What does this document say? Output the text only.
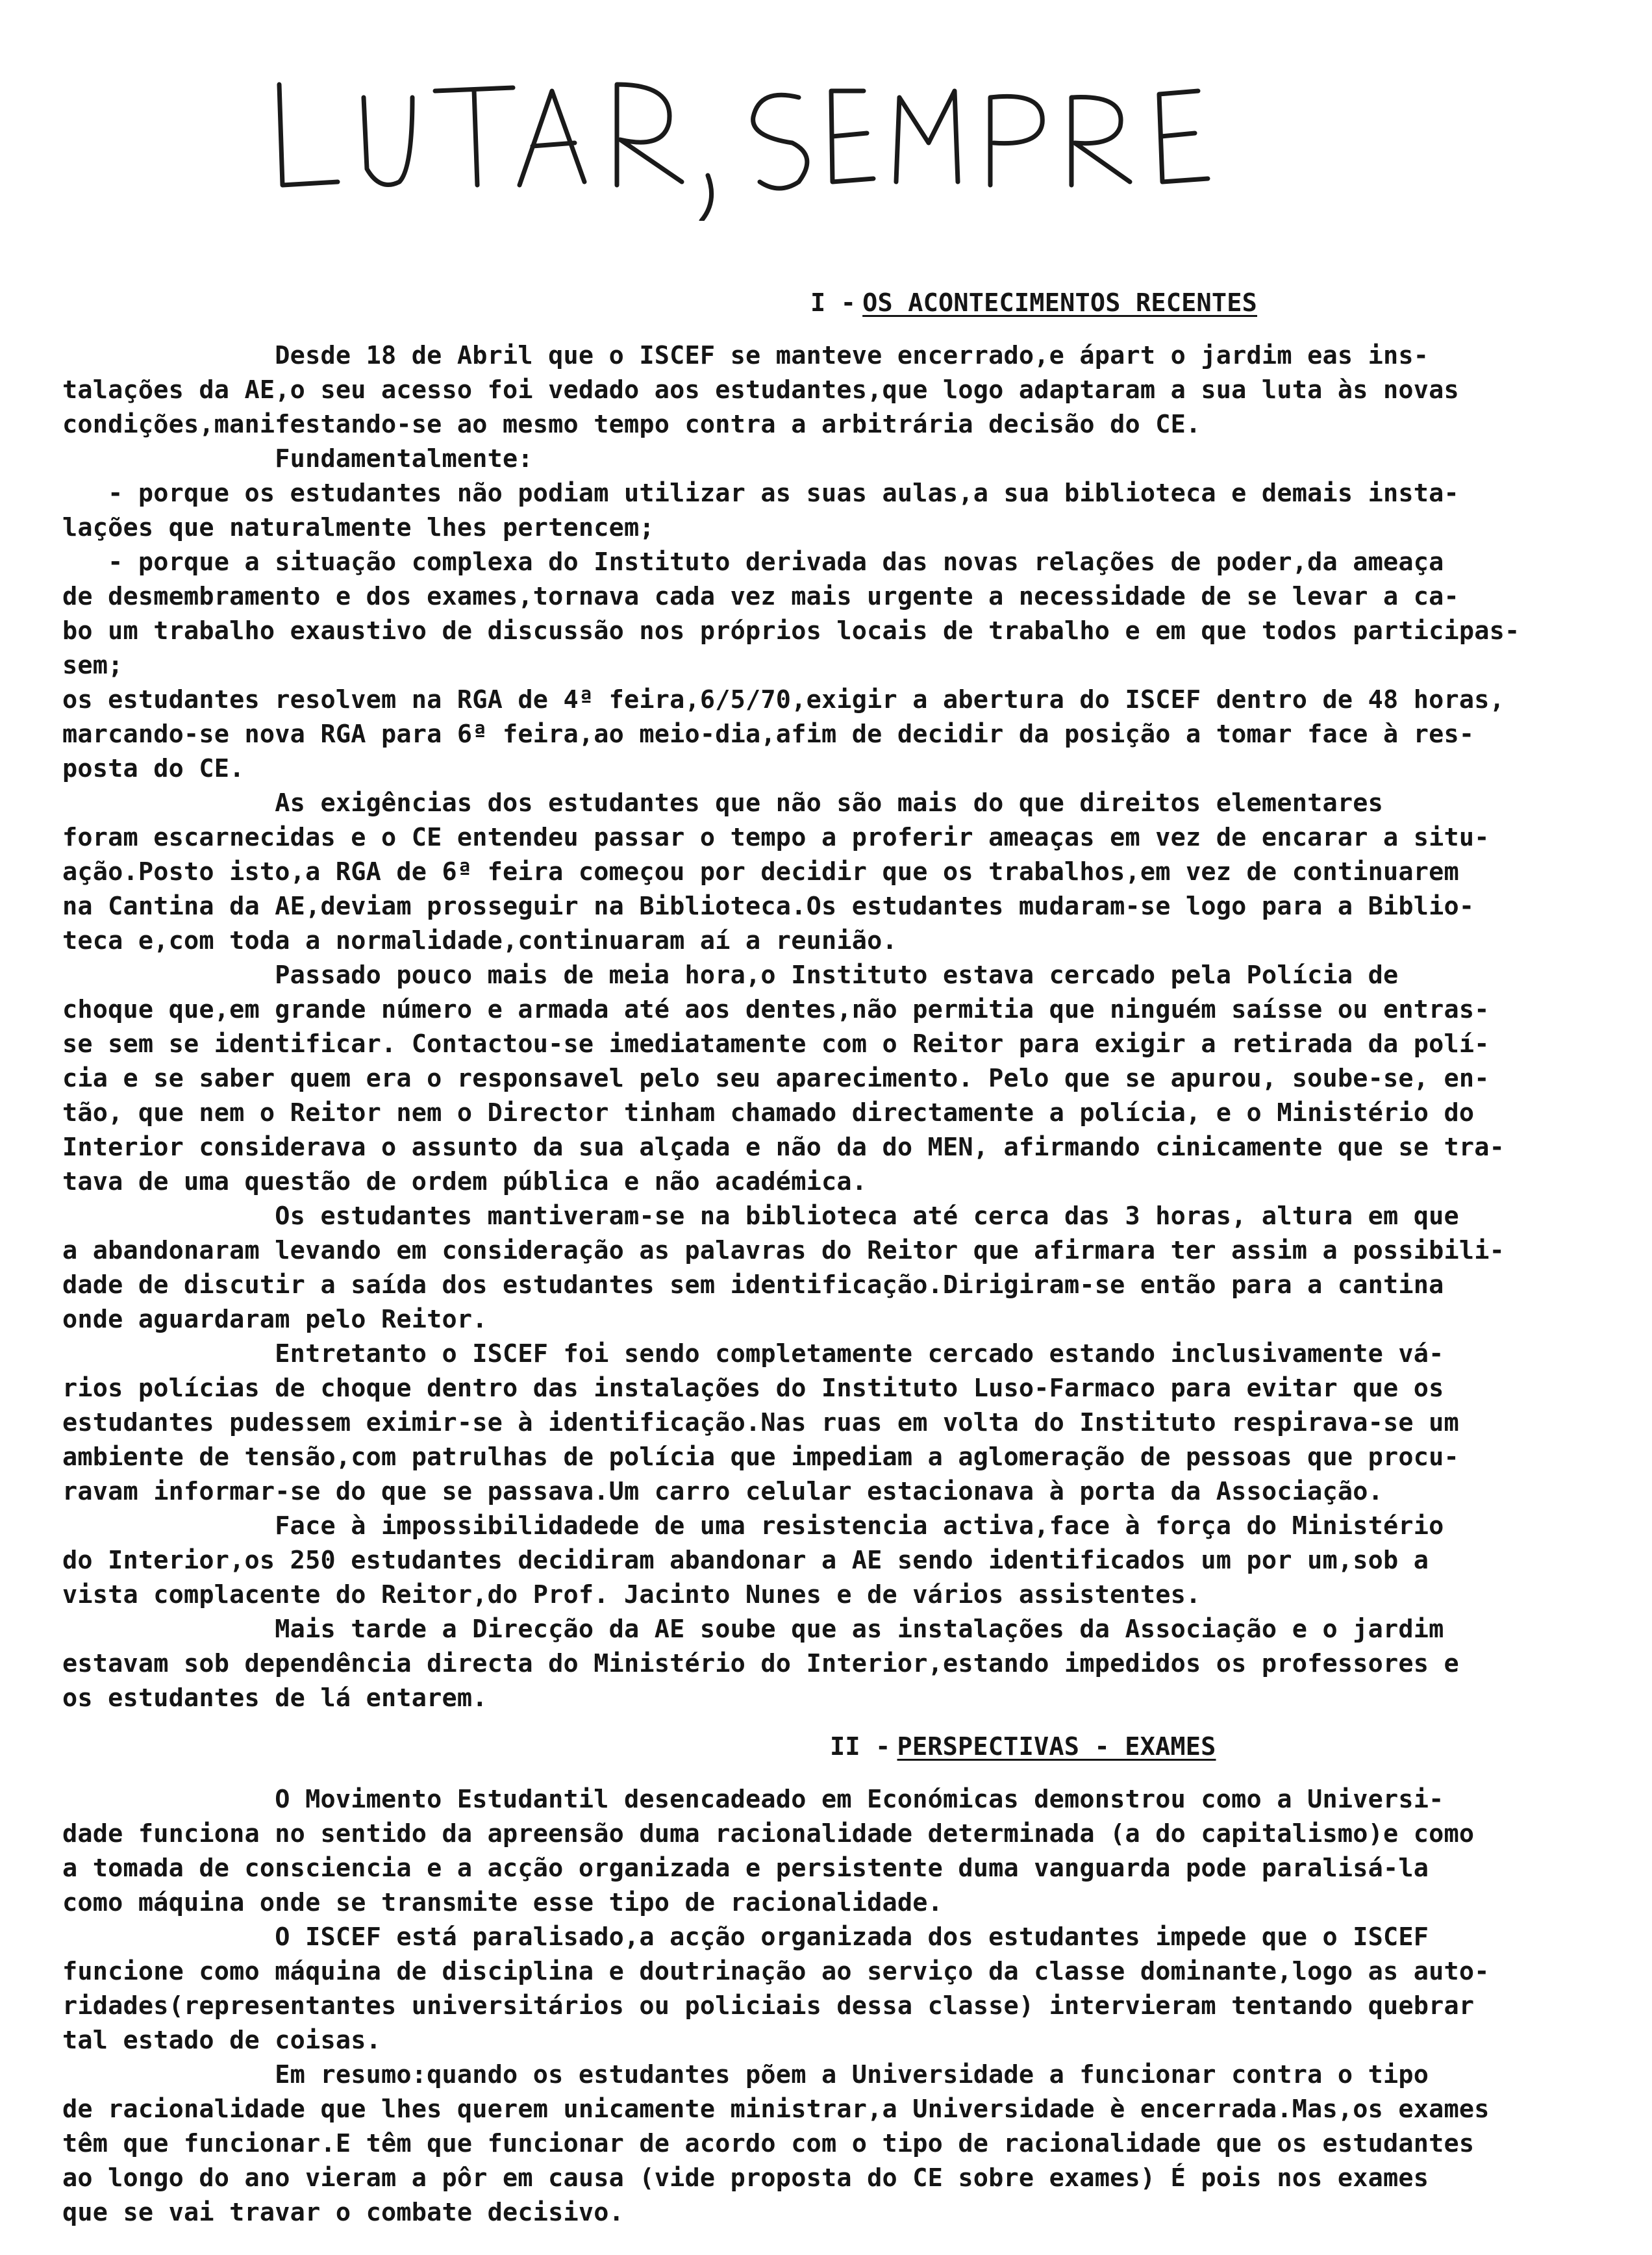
I - OS ACONTECIMENTOS RECENTES
Desde 18 de Abril que o ISCEF se manteve encerrado,e ápart o jardim eas ins-
talações da AE,o seu acesso foi vedado aos estudantes,que logo adaptaram a sua luta às novas
condições,manifestando-se ao mesmo tempo contra a arbitrária decisão do CE.
Fundamentalmente:
- porque os estudantes não podiam utilizar as suas aulas,a sua biblioteca e demais insta-
lações que naturalmente lhes pertencem;
- porque a situação complexa do Instituto derivada das novas relações de poder,da ameaça
de desmembramento e dos exames,tornava cada vez mais urgente a necessidade de se levar a ca-
bo um trabalho exaustivo de discussão nos próprios locais de trabalho e em que todos participas-
sem;
os estudantes resolvem na RGA de 4ª feira,6/5/70,exigir a abertura do ISCEF dentro de 48 horas,
marcando-se nova RGA para 6ª feira,ao meio-dia,afim de decidir da posição a tomar face à res-
posta do CE.
As exigências dos estudantes que não são mais do que direitos elementares
foram escarnecidas e o CE entendeu passar o tempo a proferir ameaças em vez de encarar a situ-
ação.Posto isto,a RGA de 6ª feira começou por decidir que os trabalhos,em vez de continuarem
na Cantina da AE,deviam prosseguir na Biblioteca.Os estudantes mudaram-se logo para a Biblio-
teca e,com toda a normalidade,continuaram aí a reunião.
Passado pouco mais de meia hora,o Instituto estava cercado pela Polícia de
choque que,em grande número e armada até aos dentes,não permitia que ninguém saísse ou entras-
se sem se identificar. Contactou-se imediatamente com o Reitor para exigir a retirada da polí-
cia e se saber quem era o responsavel pelo seu aparecimento. Pelo que se apurou, soube-se, en-
tão, que nem o Reitor nem o Director tinham chamado directamente a polícia, e o Ministério do
Interior considerava o assunto da sua alçada e não da do MEN, afirmando cinicamente que se tra-
tava de uma questão de ordem pública e não académica.
Os estudantes mantiveram-se na biblioteca até cerca das 3 horas, altura em que
a abandonaram levando em consideração as palavras do Reitor que afirmara ter assim a possibili-
dade de discutir a saída dos estudantes sem identificação.Dirigiram-se então para a cantina
onde aguardaram pelo Reitor.
Entretanto o ISCEF foi sendo completamente cercado estando inclusivamente vá-
rios polícias de choque dentro das instalações do Instituto Luso-Farmaco para evitar que os
estudantes pudessem eximir-se à identificação.Nas ruas em volta do Instituto respirava-se um
ambiente de tensão,com patrulhas de polícia que impediam a aglomeração de pessoas que procu-
ravam informar-se do que se passava.Um carro celular estacionava à porta da Associação.
Face à impossibilidadede de uma resistencia activa,face à força do Ministério
do Interior,os 250 estudantes decidiram abandonar a AE sendo identificados um por um,sob a
vista complacente do Reitor,do Prof. Jacinto Nunes e de vários assistentes.
Mais tarde a Direcção da AE soube que as instalações da Associação e o jardim
estavam sob dependência directa do Ministério do Interior,estando impedidos os professores e
os estudantes de lá entarem.
II - PERSPECTIVAS - EXAMES
O Movimento Estudantil desencadeado em Económicas demonstrou como a Universi-
dade funciona no sentido da apreensão duma racionalidade determinada (a do capitalismo)e como
a tomada de consciencia e a acção organizada e persistente duma vanguarda pode paralisá-la
como máquina onde se transmite esse tipo de racionalidade.
O ISCEF está paralisado,a acção organizada dos estudantes impede que o ISCEF
funcione como máquina de disciplina e doutrinação ao serviço da classe dominante,logo as auto-
ridades(representantes universitários ou policiais dessa classe) intervieram tentando quebrar
tal estado de coisas.
Em resumo:quando os estudantes põem a Universidade a funcionar contra o tipo
de racionalidade que lhes querem unicamente ministrar,a Universidade è encerrada.Mas,os exames
têm que funcionar.E têm que funcionar de acordo com o tipo de racionalidade que os estudantes
ao longo do ano vieram a pôr em causa (vide proposta do CE sobre exames) É pois nos exames
que se vai travar o combate decisivo.
